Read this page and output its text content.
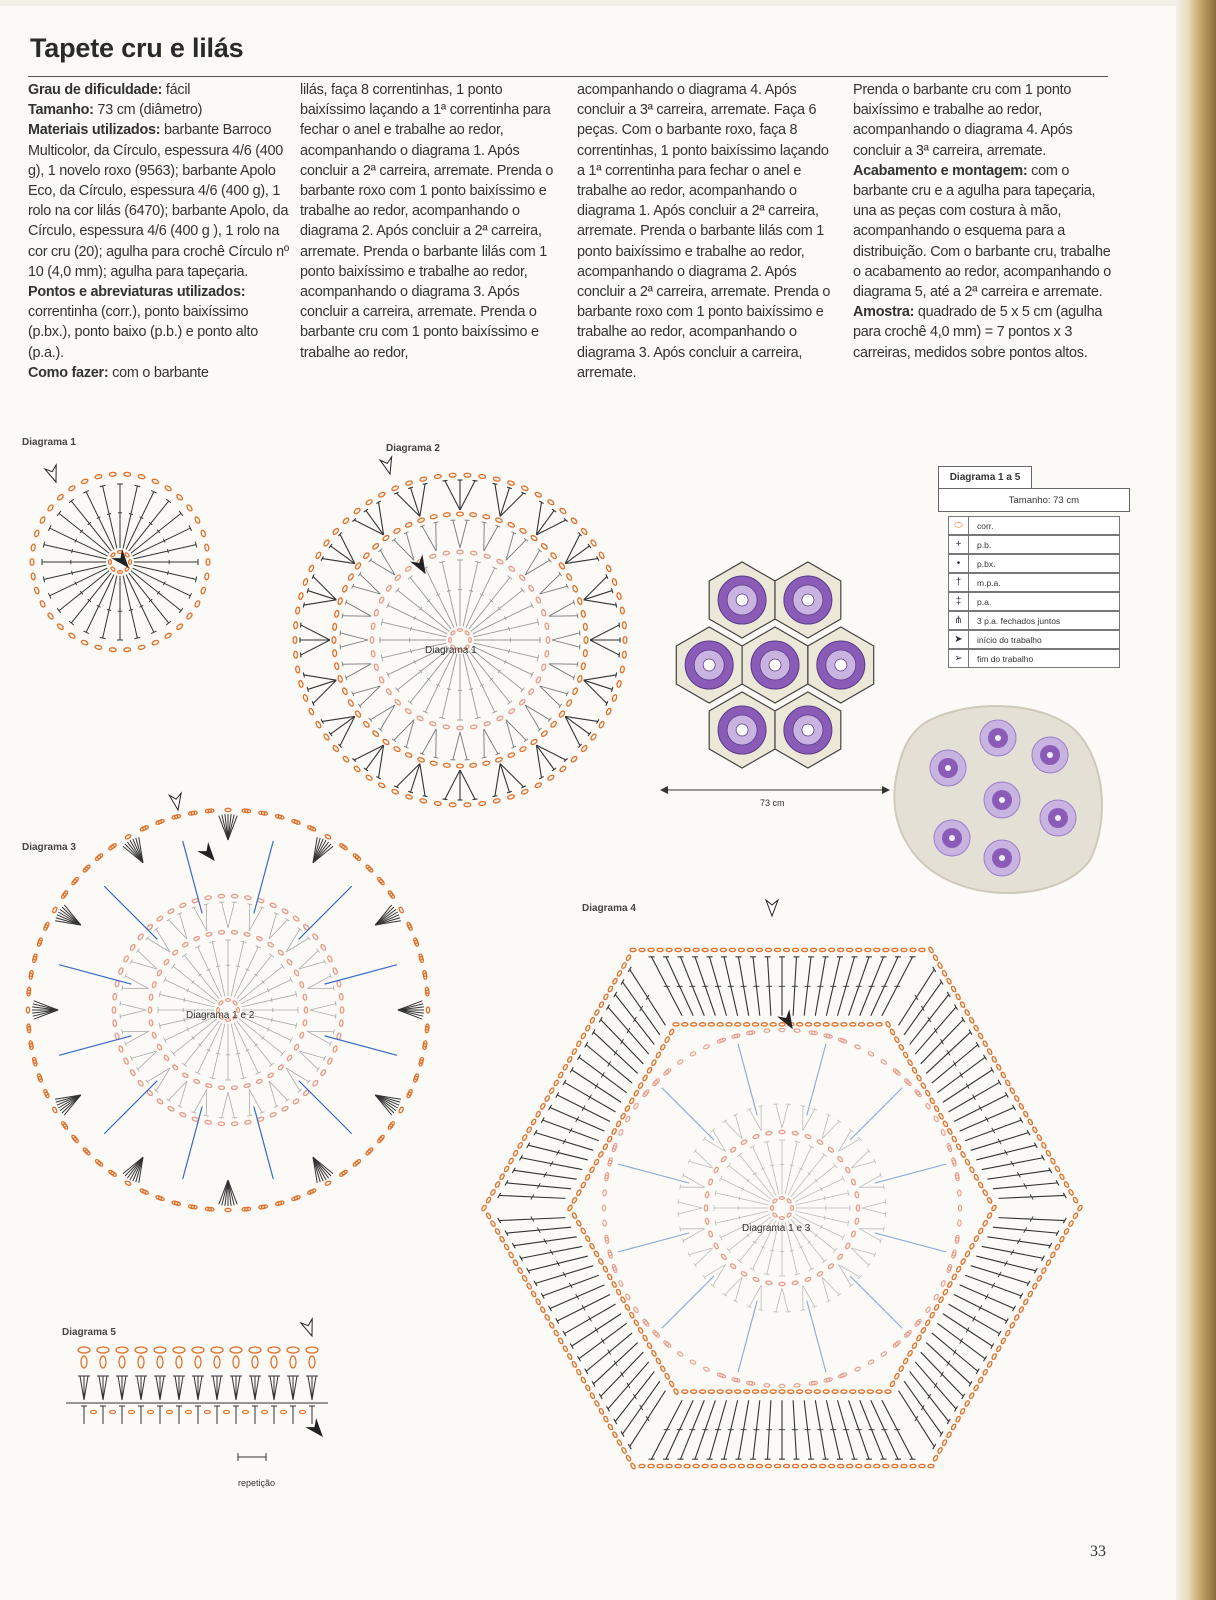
Tapete cru e lilás
Grau de dificuldade: fácil
Tamanho: 73 cm (diâmetro)
Materiais utilizados: barbante Barroco Multicolor, da Círculo, espessura 4/6 (400 g), 1 novelo roxo (9563); barbante Apolo Eco, da Círculo, espessura 4/6 (400 g), 1 rolo na cor lilás (6470); barbante Apolo, da Círculo, espessura 4/6 (400 g ), 1 rolo na cor cru (20); agulha para crochê Círculo nº 10 (4,0 mm); agulha para tapeçaria.
Pontos e abreviaturas utilizados: correntinha (corr.), ponto baixíssimo (p.bx.), ponto baixo (p.b.) e ponto alto (p.a.).
Como fazer: com o barbante
lilás, faça 8 correntinhas, 1 ponto baixíssimo laçando a 1ª correntinha para fechar o anel e trabalhe ao redor, acompanhando o diagrama 1. Após concluir a 2ª carreira, arremate. Prenda o barbante roxo com 1 ponto baixíssimo e trabalhe ao redor, acompanhando o diagrama 2. Após concluir a 2ª carreira, arremate. Prenda o barbante lilás com 1 ponto baixíssimo e trabalhe ao redor, acompanhando o diagrama 3. Após concluir a carreira, arremate. Prenda o barbante cru com 1 ponto baixíssimo e trabalhe ao redor,
acompanhando o diagrama 4. Após concluir a 3ª carreira, arremate. Faça 6 peças. Com o barbante roxo, faça 8 correntinhas, 1 ponto baixíssimo laçando a 1ª correntinha para fechar o anel e trabalhe ao redor, acompanhando o diagrama 1. Após concluir a 2ª carreira, arremate. Prenda o barbante lilás com 1 ponto baixíssimo e trabalhe ao redor, acompanhando o diagrama 2. Após concluir a 2ª carreira, arremate. Prenda o barbante roxo com 1 ponto baixíssimo e trabalhe ao redor, acompanhando o diagrama 3. Após concluir a carreira, arremate.
Prenda o barbante cru com 1 ponto baixíssimo e trabalhe ao redor, acompanhando o diagrama 4. Após concluir a 3ª carreira, arremate.
Acabamento e montagem: com o barbante cru e a agulha para tapeçaria, una as peças com costura à mão, acompanhando o esquema para a distribuição. Com o barbante cru, trabalhe o acabamento ao redor, acompanhando o diagrama 5, até a 2ª carreira e arremate.
Amostra: quadrado de 5 x 5 cm (agulha para crochê 4,0 mm) = 7 pontos x 3 carreiras, medidos sobre pontos altos.
Diagrama 1
Diagrama 2
Diagrama 3
Diagrama 4
Diagrama 5
Diagrama 1
Diagrama 1 e 2
73 cm
Diagrama 1 a 5
Tamanho: 73 cm
⬭	corr.
+	p.b.
•	p.bx.
†	m.p.a.
‡	p.a.
⋔	3 p.a. fechados juntos
➤	início do trabalho
➢	fim do trabalho
Diagrama 1 e 3
repetição
33
